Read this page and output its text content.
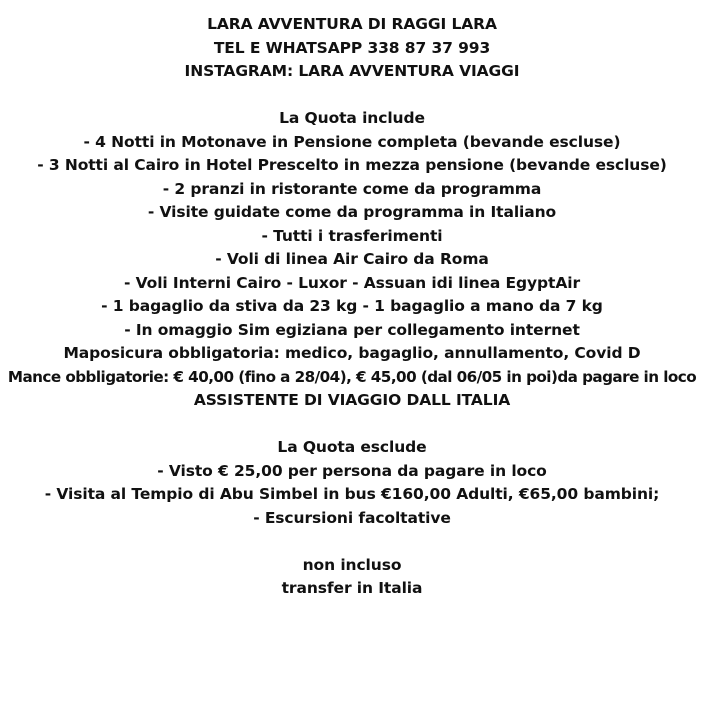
LARA AVVENTURA DI RAGGI LARA
TEL E WHATSAPP 338 87 37 993
INSTAGRAM: LARA AVVENTURA VIAGGI
La Quota include
- 4 Notti in Motonave in Pensione completa (bevande escluse)
- 3 Notti al Cairo in Hotel Prescelto in mezza pensione (bevande escluse)
- 2 pranzi in ristorante come da programma
- Visite guidate come da programma in Italiano
- Tutti i trasferimenti
- Voli di linea Air Cairo da Roma
- Voli Interni Cairo - Luxor - Assuan idi linea EgyptAir
- 1 bagaglio da stiva da 23 kg - 1 bagaglio a mano da 7 kg
- In omaggio Sim egiziana per collegamento internet
Maposicura obbligatoria: medico, bagaglio, annullamento, Covid D
Mance obbligatorie: € 40,00 (fino a 28/04), € 45,00 (dal 06/05 in poi)da pagare in loco
ASSISTENTE DI VIAGGIO DALL ITALIA
La Quota esclude
- Visto € 25,00 per persona da pagare in loco
- Visita al Tempio di Abu Simbel in bus €160,00 Adulti, €65,00 bambini;
- Escursioni facoltative
non incluso
transfer in Italia
